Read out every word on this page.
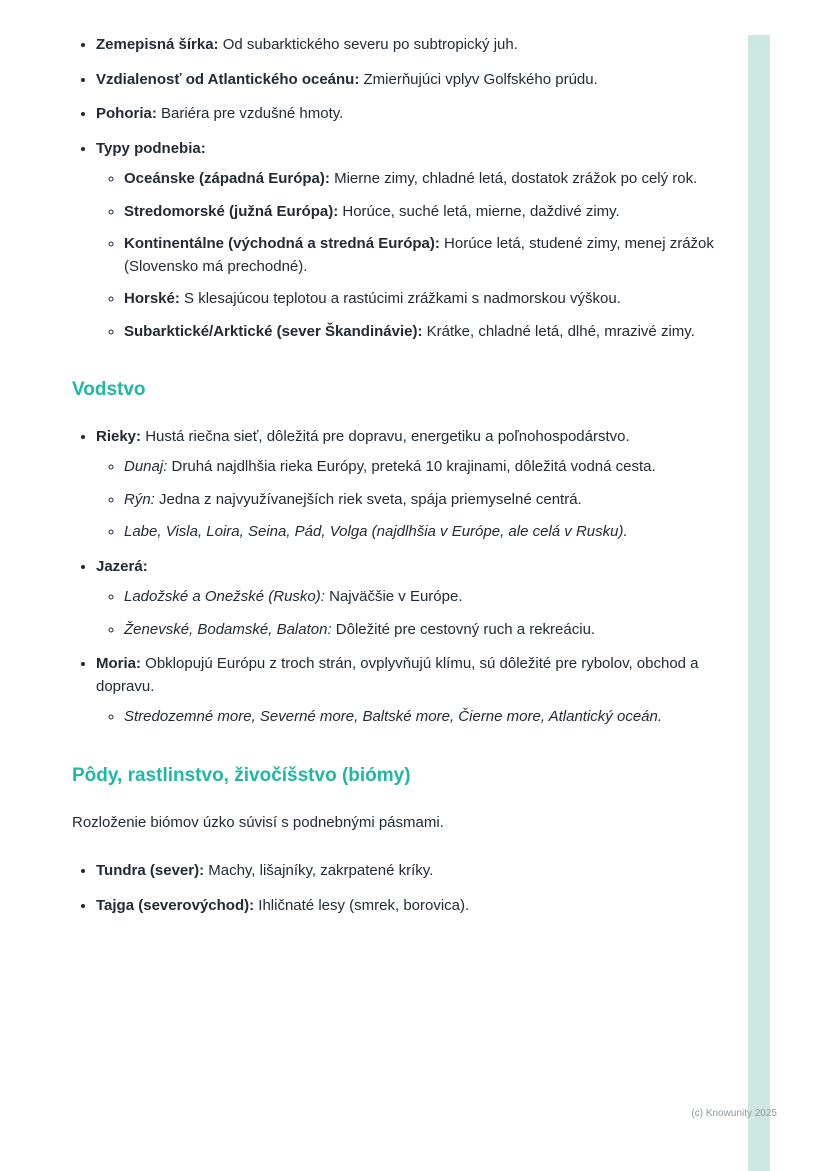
• Zemepisná šírka: Od subarktického severu po subtropický juh.
• Vzdialenosť od Atlantického oceánu: Zmierňujúci vplyv Golfského prúdu.
• Pohoria: Bariéra pre vzdušné hmoty.
• Typy podnebia:
◦ Oceánske (západná Európa): Mierne zimy, chladné letá, dostatok zrážok po celý rok.
◦ Stredomorské (južná Európa): Horúce, suché letá, mierne, daždivé zimy.
◦ Kontinentálne (východná a stredná Európa): Horúce letá, studené zimy, menej zrážok (Slovensko má prechodné).
◦ Horské: S klesajúcou teplotou a rastúcimi zrážkami s nadmorskou výškou.
◦ Subarktické/Arktické (sever Škandinávie): Krátke, chladné letá, dlhé, mrazivé zimy.
Vodstvo
• Rieky: Hustá riečna sieť, dôležitá pre dopravu, energetiku a poľnohospodárstvo.
◦ Dunaj: Druhá najdlhšia rieka Európy, preteká 10 krajinami, dôležitá vodná cesta.
◦ Rýn: Jedna z najvyužívanejších riek sveta, spája priemyselné centrá.
◦ Labe, Visla, Loira, Seina, Pád, Volga (najdlhšia v Európe, ale celá v Rusku).
• Jazerá:
◦ Ladožské a Onežské (Rusko): Najväčšie v Európe.
◦ Ženevské, Bodamské, Balaton: Dôležité pre cestovný ruch a rekreáciu.
• Moria: Obklopujú Európu z troch strán, ovplyvňujú klímu, sú dôležité pre rybolov, obchod a dopravu.
◦ Stredozemné more, Severné more, Baltské more, Čierne more, Atlantický oceán.
Pôdy, rastlinstvo, živočíšstvo (biómy)

Rozloženie biómov úzko súvisí s podnebnými pásmami.

• Tundra (sever): Machy, lišajníky, zakrpatené kríky.
• Tajga (severovýchod): Ihličnaté lesy (smrek, borovica).
(c) Knowunity 2025
